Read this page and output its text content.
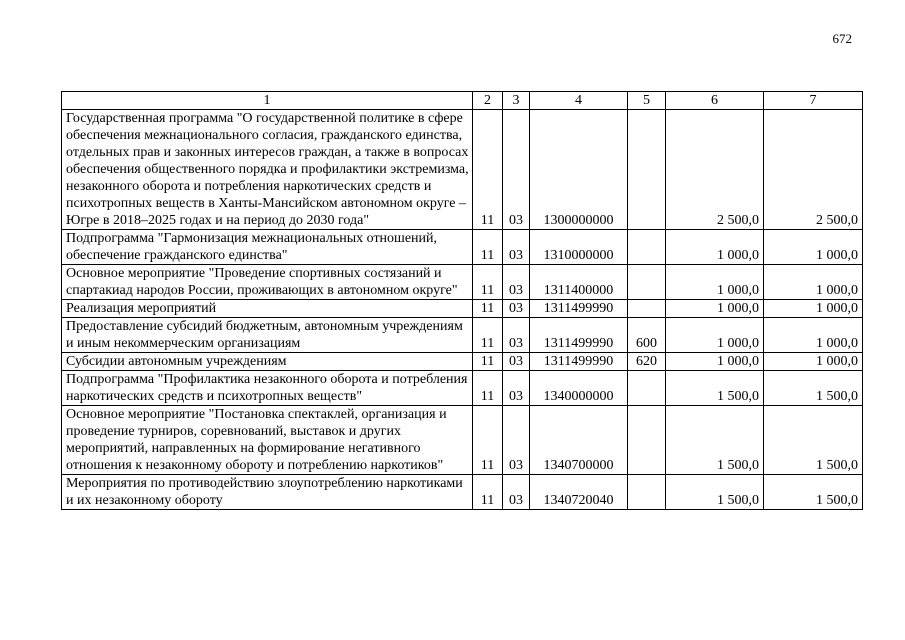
672
1	2	3	4	5	6	7
Государственная программа "О государственной политике в сфере обеспечения межнационального согласия, гражданского единства, отдельных прав и законных интересов граждан, а также в вопросах обеспечения общественного порядка и профилактики экстремизма, незаконного оборота и потребления наркотических средств и психотропных веществ в Ханты-Мансийском автономном округе – Югре в 2018–2025 годах и на период до 2030 года"	11	03	1300000000		2 500,0	2 500,0
Подпрограмма "Гармонизация межнациональных отношений, обеспечение гражданского единства"	11	03	1310000000		1 000,0	1 000,0
Основное мероприятие "Проведение спортивных состязаний и спартакиад народов России, проживающих в автономном округе"	11	03	1311400000		1 000,0	1 000,0
Реализация мероприятий	11	03	1311499990		1 000,0	1 000,0
Предоставление субсидий бюджетным, автономным учреждениям и иным некоммерческим организациям	11	03	1311499990	600	1 000,0	1 000,0
Субсидии автономным учреждениям	11	03	1311499990	620	1 000,0	1 000,0
Подпрограмма "Профилактика незаконного оборота и потребления наркотических средств и психотропных веществ"	11	03	1340000000		1 500,0	1 500,0
Основное мероприятие "Постановка спектаклей, организация и проведение турниров, соревнований, выставок и других мероприятий, направленных на формирование негативного отношения к незаконному обороту и потреблению наркотиков"	11	03	1340700000		1 500,0	1 500,0
Мероприятия по противодействию злоупотреблению наркотиками и их незаконному обороту	11	03	1340720040		1 500,0	1 500,0
